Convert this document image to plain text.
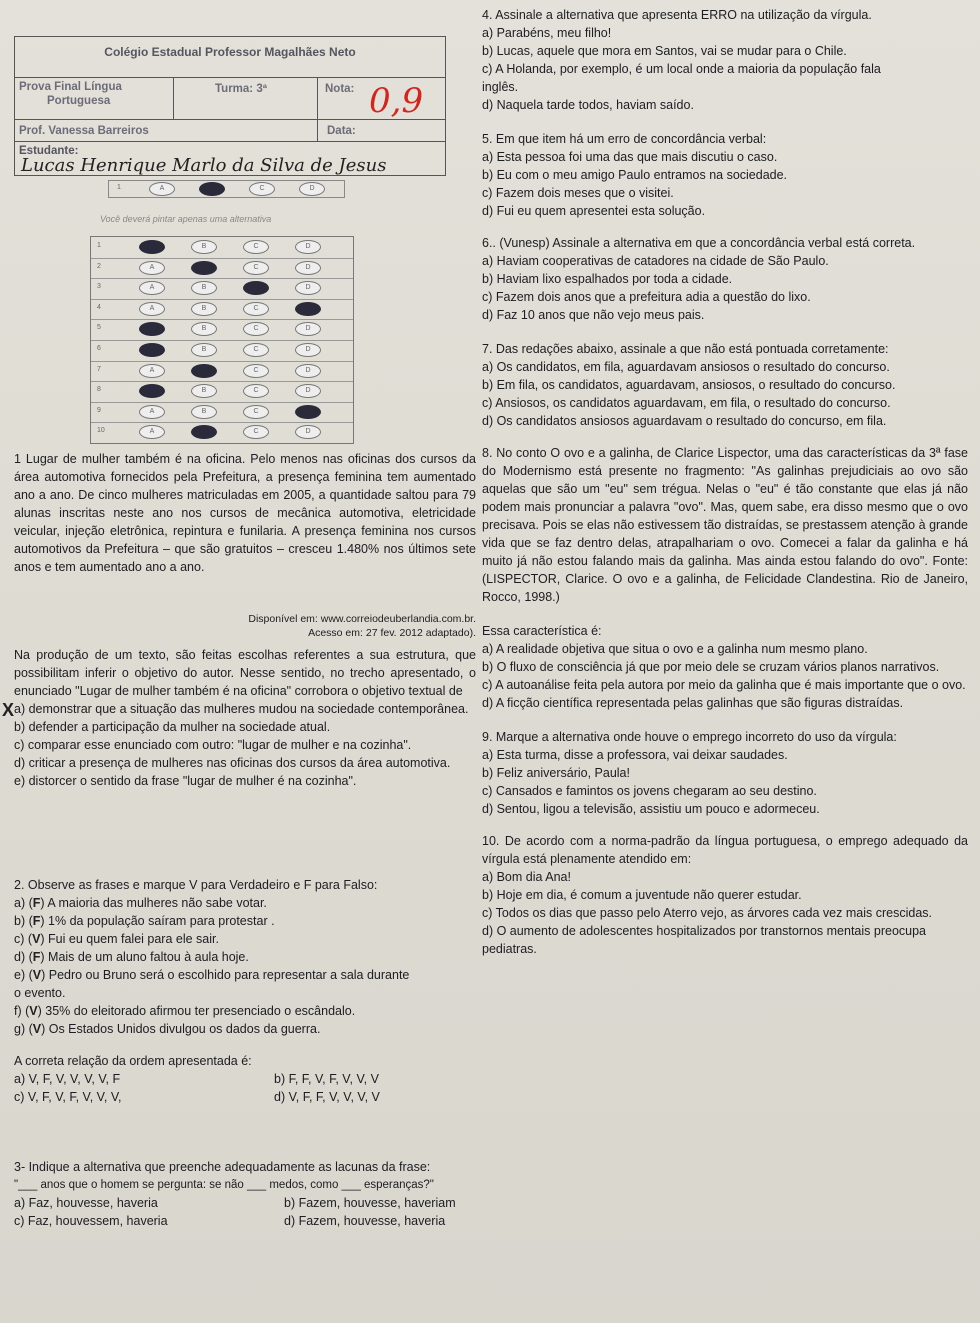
Colégio Estadual Professor Magalhães Neto
Prova Final Língua
Portuguesa
Turma: 3ª	Nota: 0,9
Prof. Vanessa Barreiros	Data:
Estudante:
Lucas Henrique Marlo da Silva de Jesus
1	A	C	D
Você deverá pintar apenas uma alternativa
1	B	C	D
2	A	C	D
3	A	B	D
4	A	B	C
5	B	C	D
6	B	C	D
7	A	C	D
8	B	C	D
9	A	B	C
10	A	C	D
1 Lugar de mulher também é na oficina. Pelo menos nas oficinas dos cursos da área automotiva fornecidos pela Prefeitura, a presença feminina tem aumentado ano a ano. De cinco mulheres matriculadas em 2005, a quantidade saltou para 79 alunas inscritas neste ano nos cursos de mecânica automotiva, eletricidade veicular, injeção eletrônica, repintura e funilaria. A presença feminina nos cursos automotivos da Prefeitura – que são gratuitos – cresceu 1.480% nos últimos sete anos e tem aumentado ano a ano.
Disponível em: www.correiodeuberlandia.com.br.
Acesso em: 27 fev. 2012 adaptado).
Na produção de um texto, são feitas escolhas referentes a sua estrutura, que possibilitam inferir o objetivo do autor. Nesse sentido, no trecho apresentado, o enunciado "Lugar de mulher também é na oficina" corrobora o objetivo textual de
X a) demonstrar que a situação das mulheres mudou na sociedade contemporânea.
b) defender a participação da mulher na sociedade atual.
c) comparar esse enunciado com outro: "lugar de mulher e na cozinha".
d) criticar a presença de mulheres nas oficinas dos cursos da área automotiva.
e) distorcer o sentido da frase "lugar de mulher é na cozinha".
2. Observe as frases e marque V para Verdadeiro e F para Falso:
a) (F) A maioria das mulheres não sabe votar.
b) (F) 1% da população saíram para protestar .
c) (V) Fui eu quem falei para ele sair.
d) (F) Mais de um aluno faltou à aula hoje.
e) (V) Pedro ou Bruno será o escolhido para representar a sala durante
o evento.
f) (V) 35% do eleitorado afirmou ter presenciado o escândalo.
g) (V) Os Estados Unidos divulgou os dados da guerra.
A correta relação da ordem apresentada é:
a) V, F, V, V, V, V, F	b) F, F, V, F, V, V, V
c) V, F, V, F, V, V, V,	d) V, F, F, V, V, V, V
3- Indique a alternativa que preenche adequadamente as lacunas da frase:
"___ anos que o homem se pergunta: se não ___ medos, como ___ esperanças?"
a) Faz, houvesse, haveria	b) Fazem, houvesse, haveriam
c) Faz, houvessem, haveria	d) Fazem, houvesse, haveria
4. Assinale a alternativa que apresenta ERRO na utilização da vírgula.
a) Parabéns, meu filho!
b) Lucas, aquele que mora em Santos, vai se mudar para o Chile.
c) A Holanda, por exemplo, é um local onde a maioria da população fala
inglês.
d) Naquela tarde todos, haviam saído.
5. Em que item há um erro de concordância verbal:
a) Esta pessoa foi uma das que mais discutiu o caso.
b) Eu com o meu amigo Paulo entramos na sociedade.
c) Fazem dois meses que o visitei.
d) Fui eu quem apresentei esta solução.
6.. (Vunesp) Assinale a alternativa em que a concordância verbal está correta.
a) Haviam cooperativas de catadores na cidade de São Paulo.
b) Haviam lixo espalhados por toda a cidade.
c) Fazem dois anos que a prefeitura adia a questão do lixo.
d) Faz 10 anos que não vejo meus pais.
7. Das redações abaixo, assinale a que não está pontuada corretamente:
a) Os candidatos, em fila, aguardavam ansiosos o resultado do concurso.
b) Em fila, os candidatos, aguardavam, ansiosos, o resultado do concurso.
c) Ansiosos, os candidatos aguardavam, em fila, o resultado do concurso.
d) Os candidatos ansiosos aguardavam o resultado do concurso, em fila.
8. No conto O ovo e a galinha, de Clarice Lispector, uma das características da 3ª fase do Modernismo está presente no fragmento: "As galinhas prejudiciais ao ovo são aquelas que são um "eu" sem trégua. Nelas o "eu" é tão constante que elas já não podem mais pronunciar a palavra "ovo". Mas, quem sabe, era disso mesmo que o ovo precisava. Pois se elas não estivessem tão distraídas, se prestassem atenção à grande vida que se faz dentro delas, atrapalhariam o ovo. Comecei a falar da galinha e há muito já não estou falando mais da galinha. Mas ainda estou falando do ovo". Fonte: (LISPECTOR, Clarice. O ovo e a galinha, de Felicidade Clandestina. Rio de Janeiro, Rocco, 1998.)
Essa característica é:
a) A realidade objetiva que situa o ovo e a galinha num mesmo plano.
b) O fluxo de consciência já que por meio dele se cruzam vários planos narrativos.
c) A autoanálise feita pela autora por meio da galinha que é mais importante que o ovo.
d) A ficção científica representada pelas galinhas que são figuras distraídas.
9. Marque a alternativa onde houve o emprego incorreto do uso da vírgula:
a) Esta turma, disse a professora, vai deixar saudades.
b) Feliz aniversário, Paula!
c) Cansados e famintos os jovens chegaram ao seu destino.
d) Sentou, ligou a televisão, assistiu um pouco e adormeceu.
10. De acordo com a norma-padrão da língua portuguesa, o emprego adequado da vírgula está plenamente atendido em:
a) Bom dia Ana!
b) Hoje em dia, é comum a juventude não querer estudar.
c) Todos os dias que passo pelo Aterro vejo, as árvores cada vez mais crescidas.
d) O aumento de adolescentes hospitalizados por transtornos mentais preocupa pediatras.
